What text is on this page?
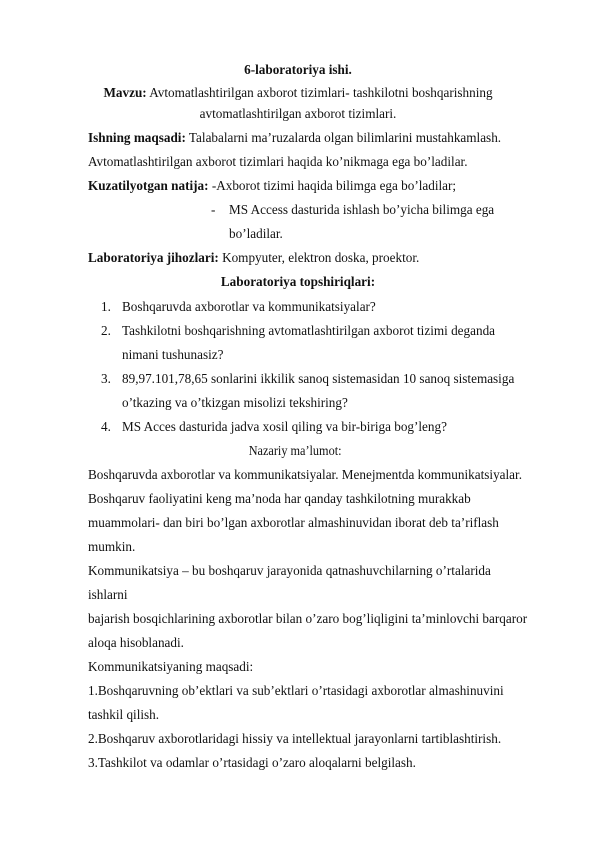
6-laboratoriya ishi.
Mavzu: Avtomatlashtirilgan axborot tizimlari- tashkilotni boshqarishning
avtomatlashtirilgan axborot tizimlari.
Ishning maqsadi: Talabalarni ma’ruzalarda olgan bilimlarini mustahkamlash.
Avtomatlashtirilgan axborot tizimlari haqida ko’nikmaga ega bo’ladilar.
Kuzatilyotgan natija: -Axborot tizimi haqida bilimga ega bo’ladilar;
- MS Access dasturida ishlash bo’yicha bilimga ega
bo’ladilar.
Laboratoriya jihozlari: Kompyuter, elektron doska, proektor.
Laboratoriya topshiriqlari:
1. Boshqaruvda axborotlar va kommunikatsiyalar?
2. Tashkilotni boshqarishning avtomatlashtirilgan axborot tizimi deganda
nimani tushunasiz?
3. 89,97.101,78,65 sonlarini ikkilik sanoq sistemasidan 10 sanoq sistemasiga
o’tkazing va o’tkizgan misolizi tekshiring?
4. MS Acces dasturida jadva xosil qiling va bir-biriga bog’leng?
Nazariy ma’lumot:
Boshqaruvda axborotlar va kommunikatsiyalar. Menejmentda kommunikatsiyalar.
Boshqaruv faoliyatini keng ma’noda har qanday tashkilotning murakkab
muammolari- dan biri bo’lgan axborotlar almashinuvidan iborat deb ta’riflash
mumkin.
Kommunikatsiya – bu boshqaruv jarayonida qatnashuvchilarning o’rtalarida
ishlarni
bajarish bosqichlarining axborotlar bilan o’zaro bog’liqligini ta’minlovchi barqaror
aloqa hisoblanadi.
Kommunikatsiyaning maqsadi:
1.Boshqaruvning ob’ektlari va sub’ektlari o’rtasidagi axborotlar almashinuvini
tashkil qilish.
2.Boshqaruv axborotlaridagi hissiy va intellektual jarayonlarni tartiblashtirish.
3.Tashkilot va odamlar o’rtasidagi o’zaro aloqalarni belgilash.
